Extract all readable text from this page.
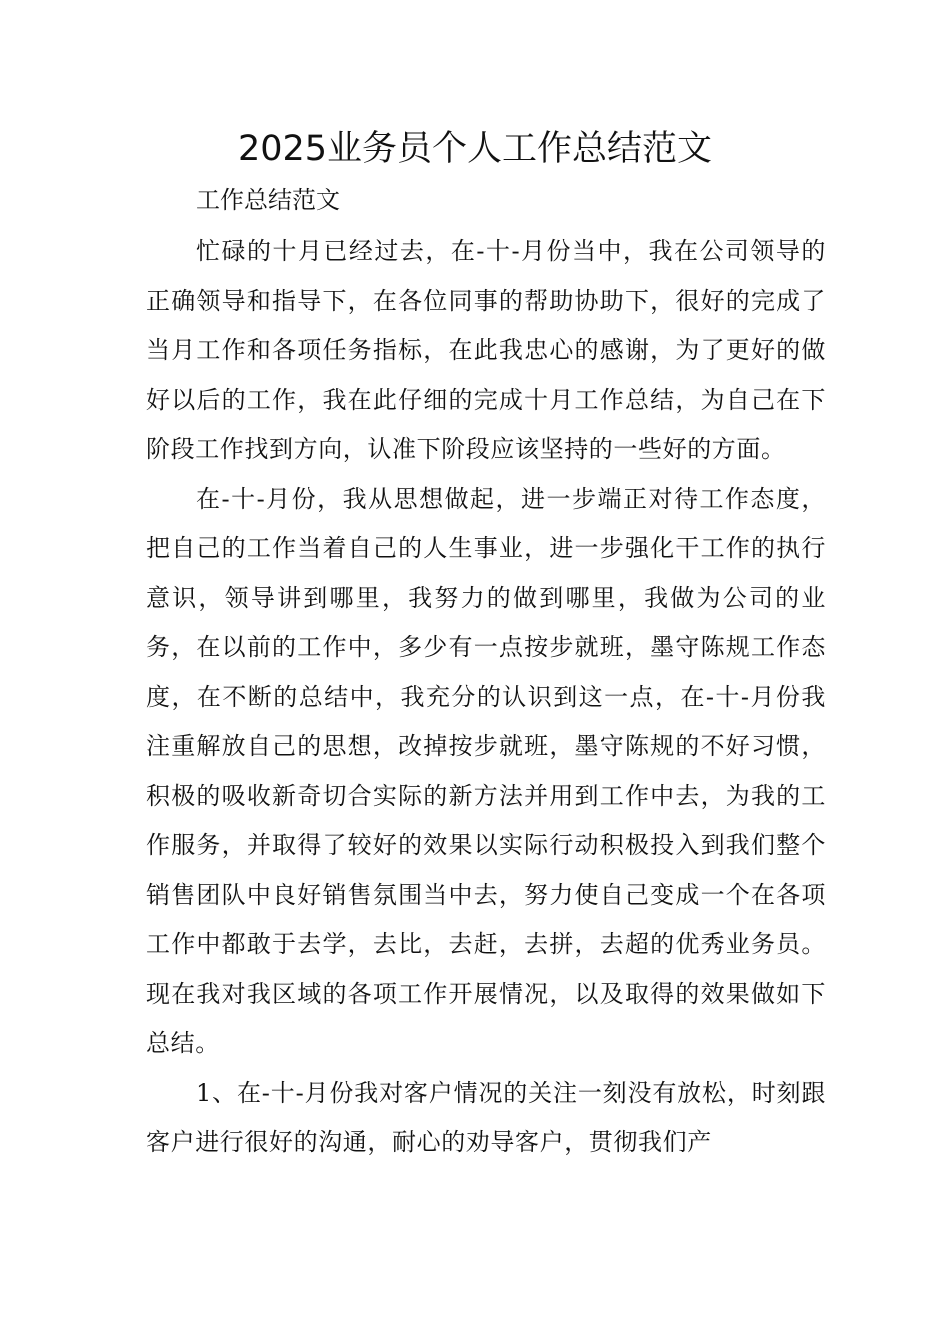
2025业务员个人工作总结范文

工作总结范文

忙碌的十月已经过去，在-十-月份当中，我在公司领导的正确领导和指导下，在各位同事的帮助协助下，很好的完成了当月工作和各项任务指标，在此我忠心的感谢，为了更好的做好以后的工作，我在此仔细的完成十月工作总结，为自己在下阶段工作找到方向，认准下阶段应该坚持的一些好的方面。

在-十-月份，我从思想做起，进一步端正对待工作态度，把自己的工作当着自己的人生事业，进一步强化干工作的执行意识，领导讲到哪里，我努力的做到哪里，我做为公司的业务，在以前的工作中，多少有一点按步就班，墨守陈规工作态度，在不断的总结中，我充分的认识到这一点，在-十-月份我注重解放自己的思想，改掉按步就班，墨守陈规的不好习惯，积极的吸收新奇切合实际的新方法并用到工作中去，为我的工作服务，并取得了较好的效果以实际行动积极投入到我们整个销售团队中良好销售氛围当中去，努力使自己变成一个在各项工作中都敢于去学，去比，去赶，去拼，去超的优秀业务员。现在我对我区域的各项工作开展情况，以及取得的效果做如下总结。

1、在-十-月份我对客户情况的关注一刻没有放松，时刻跟客户进行很好的沟通，耐心的劝导客户，贯彻我们产
